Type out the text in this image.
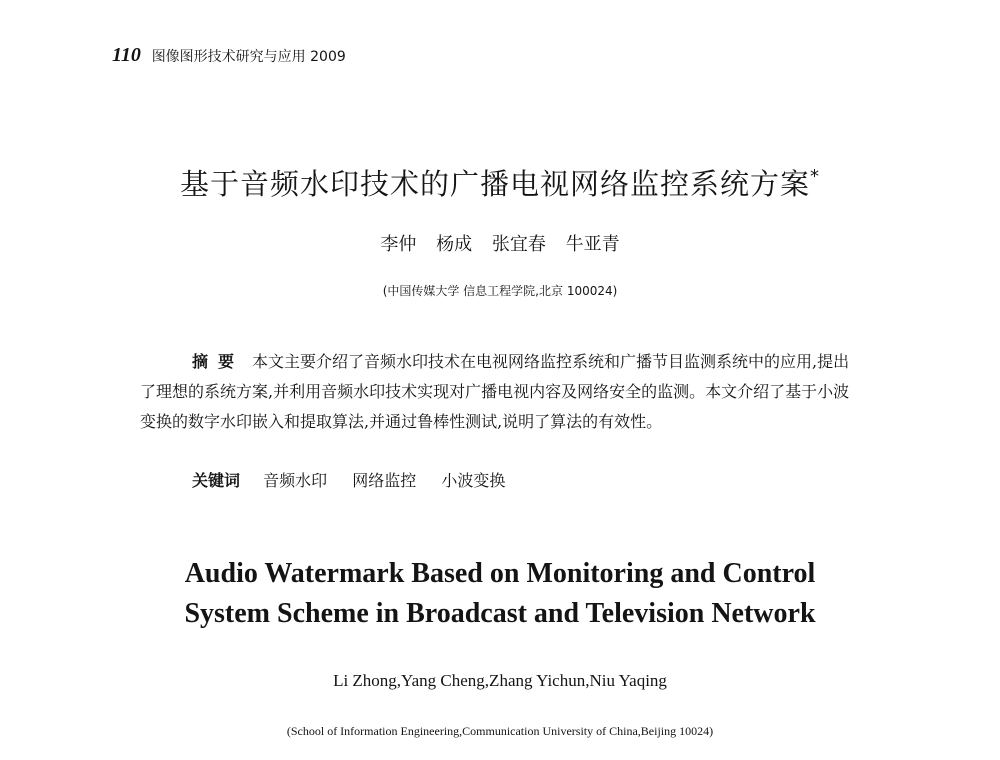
110 图像图形技术研究与应用 2009
基于音频水印技术的广播电视网络监控系统方案*
李仲 杨成 张宜春 牛亚青
(中国传媒大学 信息工程学院,北京 100024)

摘要 本文主要介绍了音频水印技术在电视网络监控系统和广播节目监测系统中的应用,提出了理想的系统方案,并利用音频水印技术实现对广播电视内容及网络安全的监测。本文介绍了基于小波变换的数字水印嵌入和提取算法,并通过鲁棒性测试,说明了算法的有效性。

关键词 音频水印 网络监控 小波变换
Audio Watermark Based on Monitoring and Control
System Scheme in Broadcast and Television Network
Li Zhong,Yang Cheng,Zhang Yichun,Niu Yaqing
(School of Information Engineering,Communication University of China,Beijing 10024)
